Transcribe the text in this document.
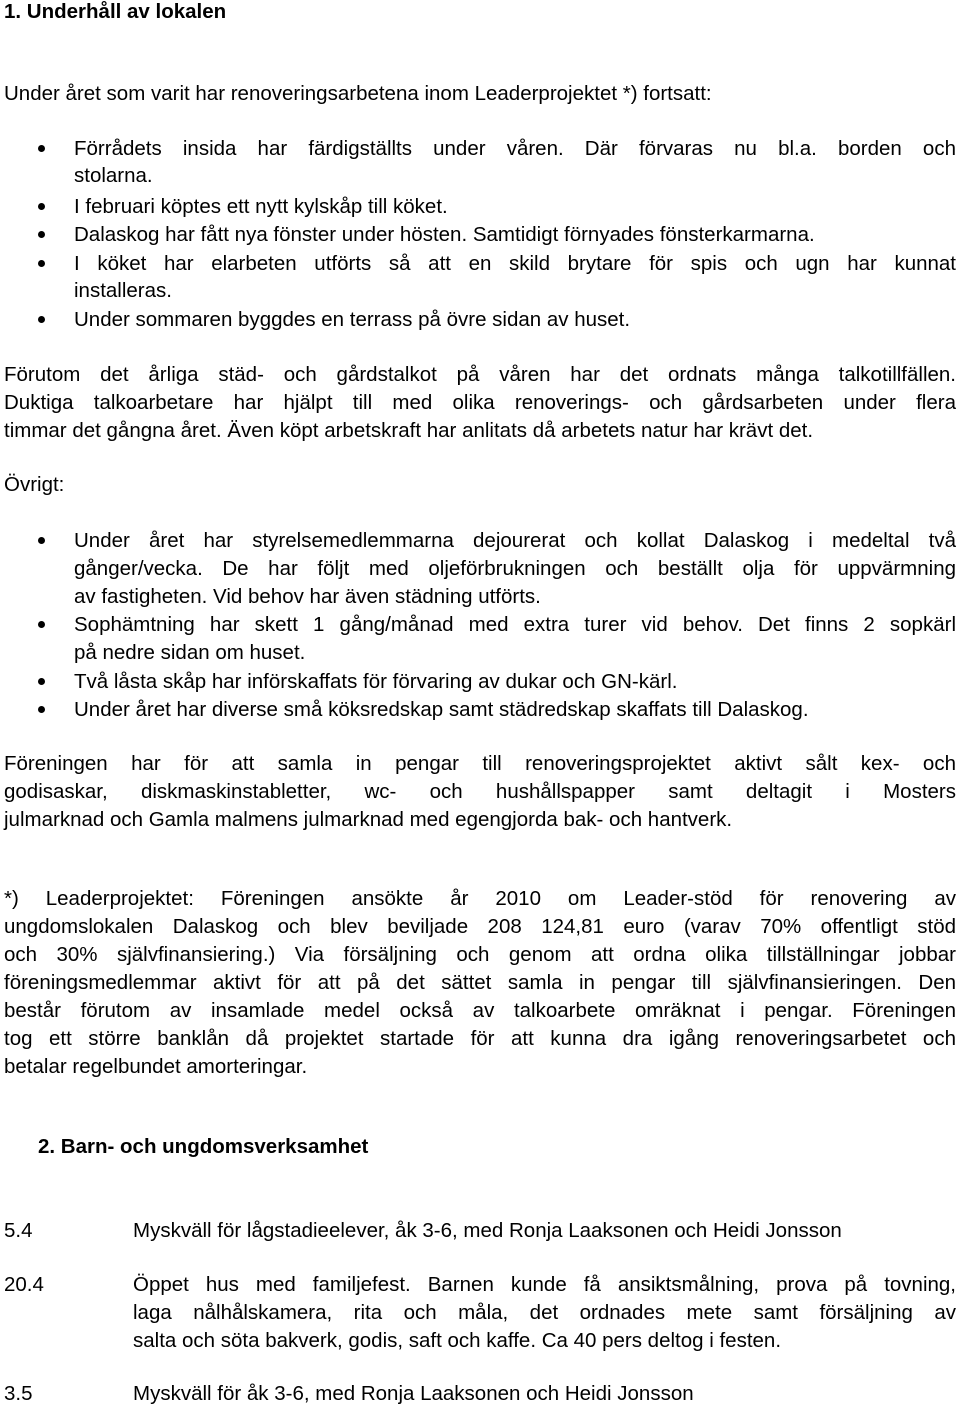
1. Underhåll av lokalen
Under året som varit har renoveringsarbetena inom Leaderprojektet *) fortsatt:
Förrådets insida har färdigställts under våren. Där förvaras nu bl.a. borden och
stolarna.
I februari köptes ett nytt kylskåp till köket.
Dalaskog har fått nya fönster under hösten. Samtidigt förnyades fönsterkarmarna.
I köket har elarbeten utförts så att en skild brytare för spis och ugn har kunnat
installeras.
Under sommaren byggdes en terrass på övre sidan av huset.
Förutom det årliga städ- och gårdstalkot på våren har det ordnats många talkotillfällen.
Duktiga talkoarbetare har hjälpt till med olika renoverings- och gårdsarbeten under flera
timmar det gångna året. Även köpt arbetskraft har anlitats då arbetets natur har krävt det.
Övrigt:
Under året har styrelsemedlemmarna dejourerat och kollat Dalaskog i medeltal två
gånger/vecka. De har följt med oljeförbrukningen och beställt olja för uppvärmning
av fastigheten. Vid behov har även städning utförts.
Sophämtning har skett 1 gång/månad med extra turer vid behov. Det finns 2 sopkärl
på nedre sidan om huset.
Två låsta skåp har införskaffats för förvaring av dukar och GN-kärl.
Under året har diverse små köksredskap samt städredskap skaffats till Dalaskog.
Föreningen har för att samla in pengar till renoveringsprojektet aktivt sålt kex- och
godisaskar, diskmaskinstabletter, wc- och hushållspapper samt deltagit i Mosters
julmarknad och Gamla malmens julmarknad med egengjorda bak- och hantverk.
*) Leaderprojektet: Föreningen ansökte år 2010 om Leader-stöd för renovering av
ungdomslokalen Dalaskog och blev beviljade 208 124,81 euro (varav 70% offentligt stöd
och 30% självfinansiering.) Via försäljning och genom att ordna olika tillställningar jobbar
föreningsmedlemmar aktivt för att på det sättet samla in pengar till självfinansieringen. Den
består förutom av insamlade medel också av talkoarbete omräknat i pengar. Föreningen
tog ett större banklån då projektet startade för att kunna dra igång renoveringsarbetet och
betalar regelbundet amorteringar.
2. Barn- och ungdomsverksamhet
5.4	Myskväll för lågstadieelever, åk 3-6, med Ronja Laaksonen och Heidi Jonsson
20.4	Öppet hus med familjefest. Barnen kunde få ansiktsmålning, prova på tovning,
laga nålhålskamera, rita och måla, det ordnades mete samt försäljning av
salta och söta bakverk, godis, saft och kaffe. Ca 40 pers deltog i festen.
3.5	Myskväll för åk 3-6, med Ronja Laaksonen och Heidi Jonsson
